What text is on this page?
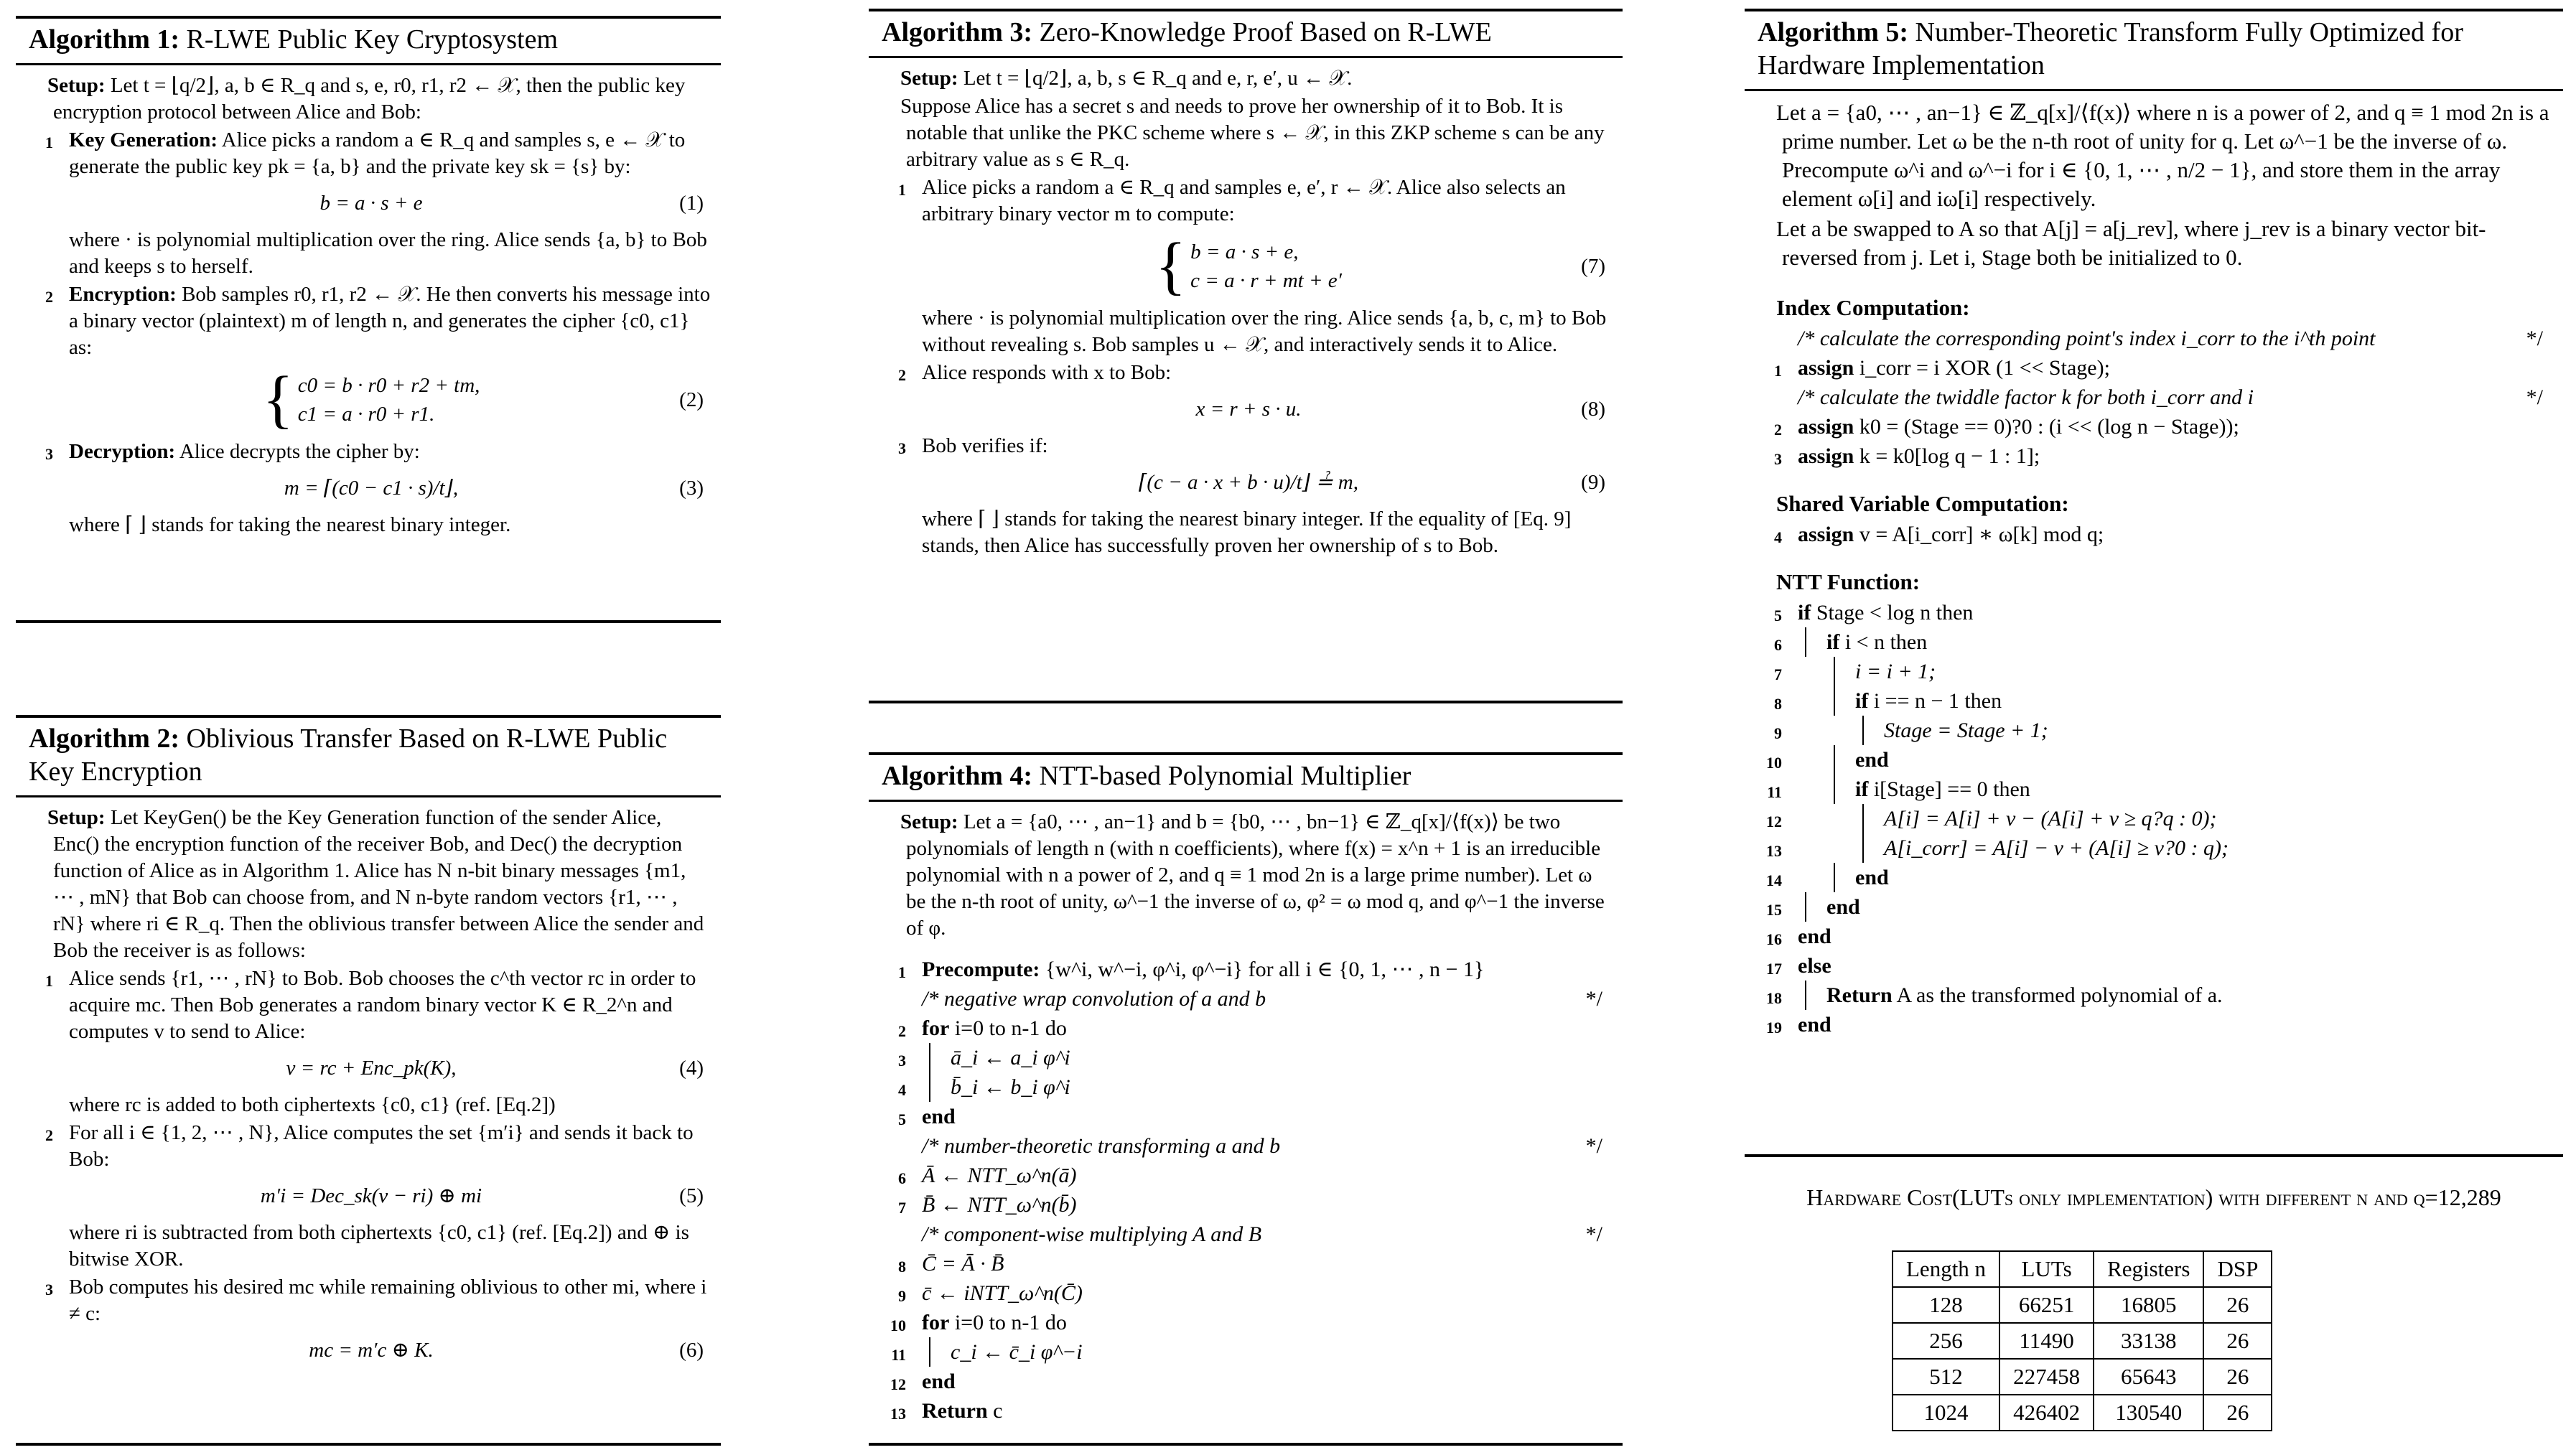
Algorithm 1: R-LWE Public Key Cryptosystem
Setup: Let t = ⌊q/2⌋, a, b ∈ R_q and s, e, r0, r1, r2 ← 𝒳, then the public key encryption protocol between Alice and Bob:
1 Key Generation: Alice picks a random a ∈ R_q and samples s, e ← 𝒳 to generate the public key pk = {a, b} and the private key sk = {s} by:
b = a · s + e	(1)
where · is polynomial multiplication over the ring. Alice sends {a, b} to Bob and keeps s to herself.
2 Encryption: Bob samples r0, r1, r2 ← 𝒳. He then converts his message into a binary vector (plaintext) m of length n, and generates the cipher {c0, c1} as:
{ c0 = b · r0 + r2 + tm,
c1 = a · r0 + r1.
(2)
3 Decryption: Alice decrypts the cipher by:
m = ⌈(c0 − c1 · s)/t⌋,	(3)
where ⌈ ⌋ stands for taking the nearest binary integer.
Algorithm 2: Oblivious Transfer Based on R-LWE Public Key Encryption
Setup: Let KeyGen() be the Key Generation function of the sender Alice, Enc() the encryption function of the receiver Bob, and Dec() the decryption function of Alice as in Algorithm 1. Alice has N n-bit binary messages {m1, ⋯ , mN} that Bob can choose from, and N n-byte random vectors {r1, ⋯ , rN} where ri ∈ R_q. Then the oblivious transfer between Alice the sender and Bob the receiver is as follows:
1 Alice sends {r1, ⋯ , rN} to Bob. Bob chooses the c^th vector rc in order to acquire mc. Then Bob generates a random binary vector K ∈ R_2^n and computes v to send to Alice:
v = rc + Enc_pk(K),	(4)
where rc is added to both ciphertexts {c0, c1} (ref. [Eq.2])
2 For all i ∈ {1, 2, ⋯ , N}, Alice computes the set {m′i} and sends it back to Bob:
m′i = Dec_sk(v − ri) ⊕ mi	(5)
where ri is subtracted from both ciphertexts {c0, c1} (ref. [Eq.2]) and ⊕ is bitwise XOR.
3 Bob computes his desired mc while remaining oblivious to other mi, where i ≠ c:
mc = m′c ⊕ K.	(6)
Algorithm 3: Zero-Knowledge Proof Based on R-LWE
Setup: Let t = ⌊q/2⌋, a, b, s ∈ R_q and e, r, e′, u ← 𝒳.
Suppose Alice has a secret s and needs to prove her ownership of it to Bob. It is notable that unlike the PKC scheme where s ← 𝒳, in this ZKP scheme s can be any arbitrary value as s ∈ R_q.
1 Alice picks a random a ∈ R_q and samples e, e′, r ← 𝒳. Alice also selects an arbitrary binary vector m to compute:
{ b = a · s + e,
c = a · r + mt + e′
(7)
where · is polynomial multiplication over the ring. Alice sends {a, b, c, m} to Bob without revealing s. Bob samples u ← 𝒳, and interactively sends it to Alice.
2 Alice responds with x to Bob:
x = r + s · u.	(8)
3 Bob verifies if:
⌈(c − a · x + b · u)/t⌋ ≟ m,	(9)
where ⌈ ⌋ stands for taking the nearest binary integer. If the equality of [Eq. 9] stands, then Alice has successfully proven her ownership of s to Bob.
Algorithm 4: NTT-based Polynomial Multiplier
Setup: Let a = {a0, ⋯ , an−1} and b = {b0, ⋯ , bn−1} ∈ ℤ_q[x]/⟨f(x)⟩ be two polynomials of length n (with n coefficients), where f(x) = x^n + 1 is an irreducible polynomial with n a power of 2, and q ≡ 1 mod 2n is a large prime number). Let ω be the n-th root of unity, ω^−1 the inverse of ω, φ² = ω mod q, and φ^−1 the inverse of φ.
1 Precompute: {w^i, w^−i, φ^i, φ^−i} for all i ∈ {0, 1, ⋯ , n − 1}
/* negative wrap convolution of a and b	*/
2 for i=0 to n-1 do
3 ā_i ← a_i φ^i
4 b̄_i ← b_i φ^i
5 end
/* number-theoretic transforming a and b	*/
6 Ā ← NTT_ω^n(ā)
7 B̄ ← NTT_ω^n(b̄)
/* component-wise multiplying A and B	*/
8 C̄ = Ā · B̄
9 c̄ ← iNTT_ω^n(C̄)
10 for i=0 to n-1 do
11 c_i ← c̄_i φ^−i
12 end
13 Return c
Algorithm 5: Number-Theoretic Transform Fully Optimized for Hardware Implementation
Let a = {a0, ⋯ , an−1} ∈ ℤ_q[x]/⟨f(x)⟩ where n is a power of 2, and q ≡ 1 mod 2n is a prime number. Let ω be the n-th root of unity for q. Let ω^−1 be the inverse of ω. Precompute ω^i and ω^−i for i ∈ {0, 1, ⋯ , n/2 − 1}, and store them in the array element ω[i] and iω[i] respectively.
Let a be swapped to A so that A[j] = a[j_rev], where j_rev is a binary vector bit-reversed from j. Let i, Stage both be initialized to 0.
Index Computation:
/* calculate the corresponding point's index i_corr to the i^th point	*/
1 assign i_corr = i XOR (1 << Stage);
/* calculate the twiddle factor k for both i_corr and i	*/
2 assign k0 = (Stage == 0)?0 : (i << (log n − Stage));
3 assign k = k0[log q − 1 : 1];
Shared Variable Computation:
4 assign v = A[i_corr] ∗ ω[k] mod q;
NTT Function:
5 if Stage < log n then
6 if i < n then
7	i = i + 1;
8	if i == n − 1 then
9	Stage = Stage + 1;
10	end
11	if i[Stage] == 0 then
12	A[i] = A[i] + v − (A[i] + v ≥ q?q : 0);
13	A[i_corr] = A[i] − v + (A[i] ≥ v?0 : q);
14	end
15 end
16 end
17 else
18 Return A as the transformed polynomial of a.
19 end
Hardware Cost(LUTs only implementation) with different n and q=12,289
Length n	LUTs	Registers	DSP
128	66251	16805	26
256	11490	33138	26
512	227458	65643	26
1024	426402	130540	26
